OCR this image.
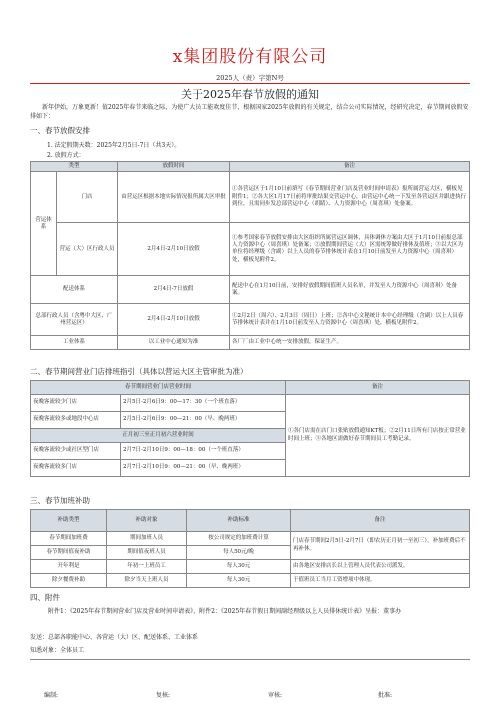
x集团股份有限公司
2025人（责）字第N号
关于2025年春节放假的通知

新年伊始，万象更新！值2025年春节来临之际，为使广大员工能欢度佳节，根据国家2025年放假的有关规定，结合公司实际情况，经研究决定，春节期间放假安排如下：

一、春节放假安排
1. 法定假期天数：2025年2月5日-7日（共3天）。
2. 放假方式：
类型		放假时间	备注
营运体系	门店	由营运区根据本地实际情况报所属大区审批	①各营运区于1月10日前填写《春节期间营业门店及营业时间申请表》报所属营运大区，横板见附件1；②各大区1月17日前将审批结果交营运中心，由营运中心统一下发至各营运区并跟进执行到位，且需同步发总部营运中心（胡睛）、人力资源中心（周喜琪）处备案。
	营运（大）区行政人员	2月4日-2月10日放假	①参考国家春节放假安排由大区组织所属营运区调休，具体调休方案由大区于1月10日前报总部人力资源中心（周喜琪）处备案；②放假期间营运（大）区需统筹做好排休及值班；③以大区为单位将经理级（含副）以上人员的春节排休统计表在1月10日前发至人力资源中心（周喜琪）处，横板见附件2。
配送体系		2月4日-7日放假	配送中心在1月10日前，安排好放假期间值班人员名单，并发至人力资源中心（周喜琪）处备案。
总部行政人员（含粤中大区、广州营运区）		2月4日-2月10日放假	①2月2日（周六）、2月3日（周日）上班；②各中心文秘统计本中心经理级（含副）以上人员春节排休统计表并在1月10日前发至人力资源中心（周喜琪）处，横板见附件2。
工业体系		以工业中心通知为准	各厂厂由工业中心统一安排放假，保证生产。
二、春节期间营业门店排班指引（具体以营运大区主管审批为准）
春节期间营业门店营业时间		备注
夜晚客流较少门店	2月5日-2月6日9：00—17：30（一个班直落）	①各门店需在店门口张贴放假通知KT板；②2月11日所有门店按正常营业时间上班；③各地区需做好春节期间员工考勤记录。
夜晚客流较多或地段中心店	2月5日-2月6日9：00—21：00（早、晚两班）	
正月初三至正月初六营业时间		
夜晚客流较少或社区型门店	2月7日-2月10日9：00—18：00（一个班直落）	
夜晚客流较多门店	2月7日-2月10日9：00—21：00（早、晚两班）	
三、春节加班补助
补助类型	补助对象	补助标准	备注
春节期间加班费	期间加班人员	按公司规定的加班费计算	门店春节期间2月5日-2月7日（即农历正月初一至初三），补加班费后不再补休。
春节期间值夜补助	期间值夜班人员	每人50元/晚	
开年利是	年初一上班员工	每人30元	由各地区安排店长以上管理人员代表公司派发。
除夕餐费补助	除夕当天上班人员	每人30元	于值班员工当月工资增项中体现。
四、附件
附件1：《2025年春节期间营业门店及营业时间申请表》、附件2：《2025年春节假日期间副经理级以上人员排休统计表》呈报：董事办
发送：总部各职能中心、各营运（大）区、配送体系、工业体系
知悉对象：全体员工
编制:	复核:	审核:	批准:
